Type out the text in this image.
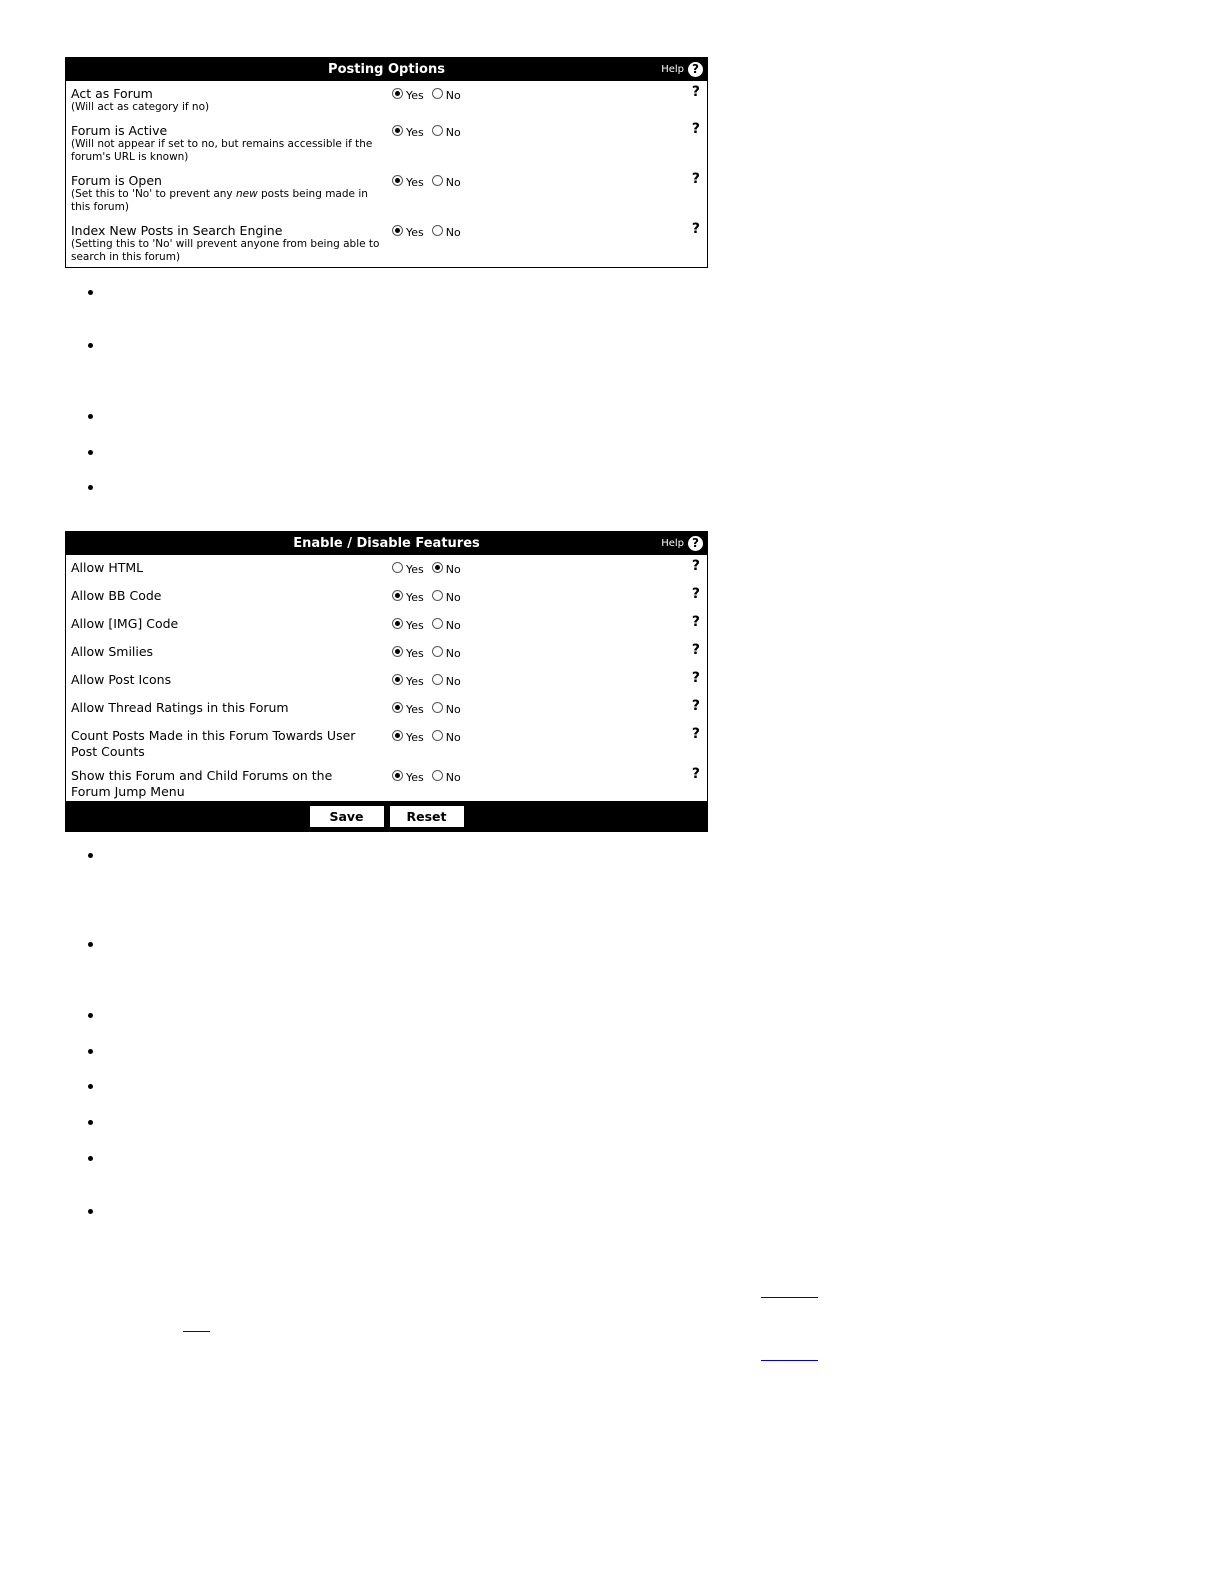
Posting Options	Help ?
Act as Forum
(Will act as category if no)
Yes No	?
Forum is Active
(Will not appear if set to no, but remains accessible if the forum's URL is known)
Yes No	?
Forum is Open
(Set this to 'No' to prevent any new posts being made in this forum)
Yes No	?
Index New Posts in Search Engine
(Setting this to 'No' will prevent anyone from being able to search in this forum)
Yes No	?
Enable / Disable Features	Help ?
Allow HTML	Yes No	?
Allow BB Code	Yes No	?
Allow [IMG] Code	Yes No	?
Allow Smilies	Yes No	?
Allow Post Icons	Yes No	?
Allow Thread Ratings in this Forum	Yes No	?
Count Posts Made in this Forum Towards User Post Counts
Yes No	?
Show this Forum and Child Forums on the Forum Jump Menu
Yes No	?
Save	Reset
